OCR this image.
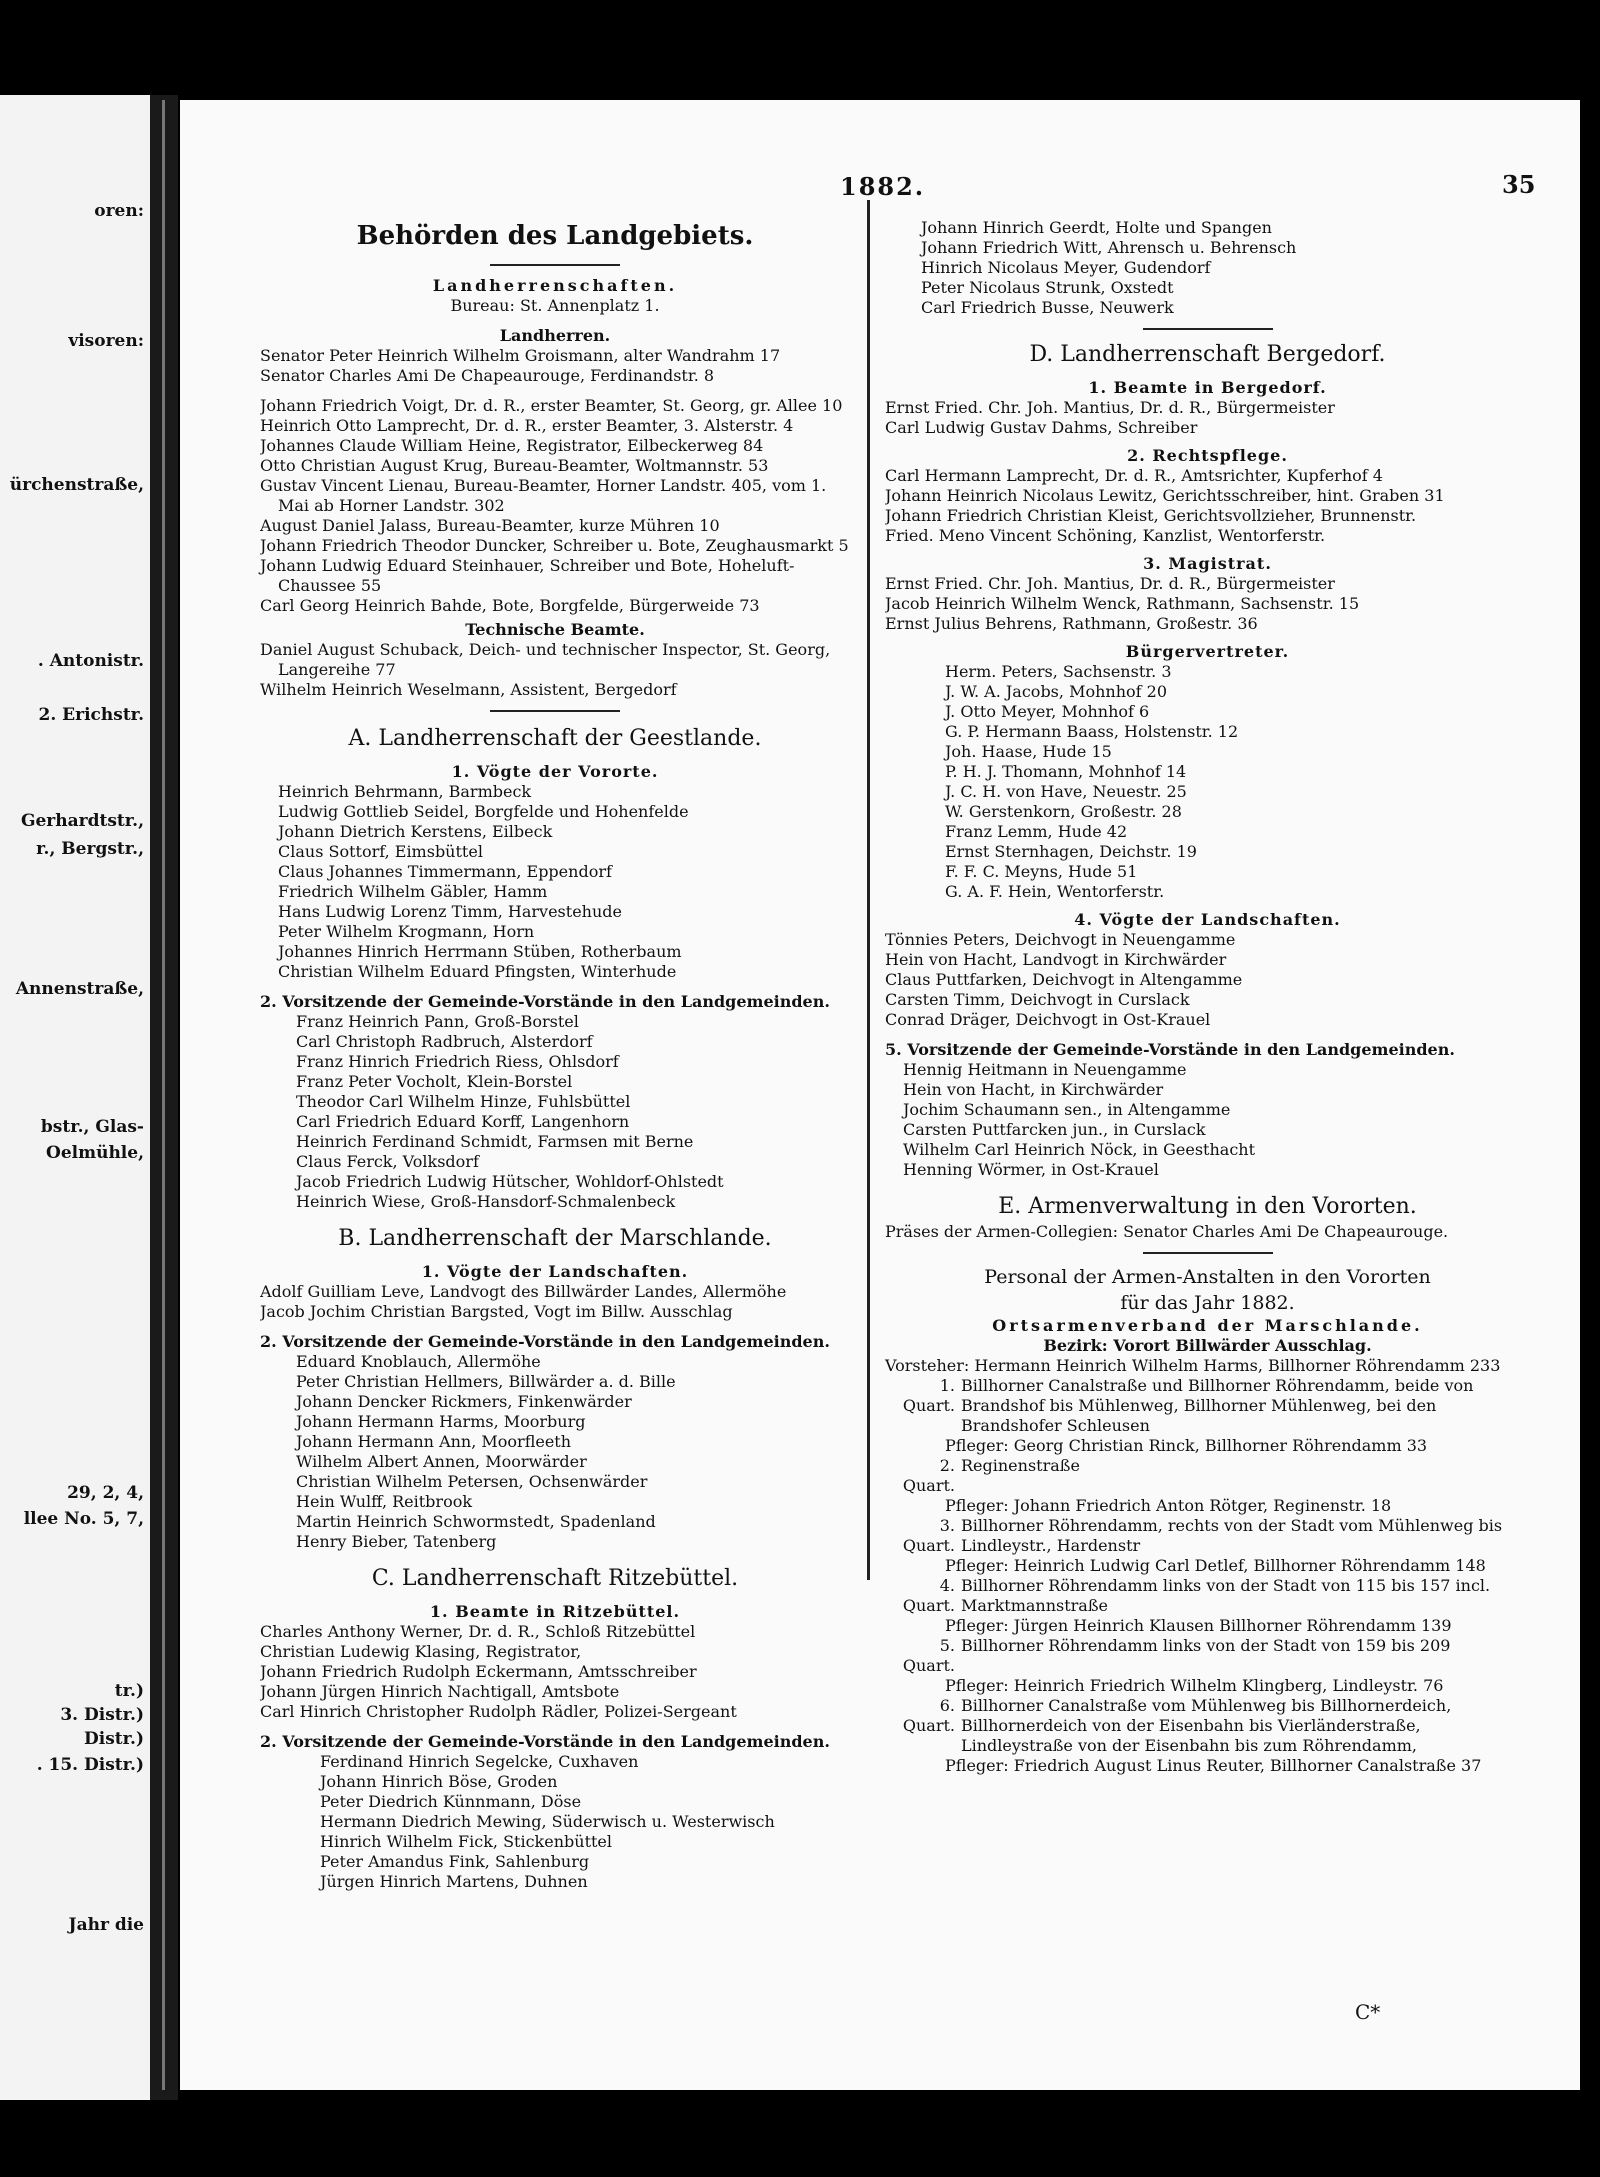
oren:
visoren:
ürchenstraße,
. Antonistr.
2. Erichstr.
Gerhardtstr.,
r., Bergstr.,
Annenstraße,
bstr., Glas-
Oelmühle,
29, 2, 4,
llee No. 5, 7,
tr.)
3. Distr.)
Distr.)
. 15. Distr.)
Jahr die
1882.	35
Behörden des Landgebiets.
Landherrenschaften.
Bureau: St. Annenplatz 1.
Landherren.
Senator Peter Heinrich Wilhelm Groismann, alter Wandrahm 17
Senator Charles Ami De Chapeaurouge, Ferdinandstr. 8
Johann Friedrich Voigt, Dr. d. R., erster Beamter, St. Georg, gr. Allee 10
Heinrich Otto Lamprecht, Dr. d. R., erster Beamter, 3. Alsterstr. 4
Johannes Claude William Heine, Registrator, Eilbeckerweg 84
Otto Christian August Krug, Bureau-Beamter, Woltmannstr. 53
Gustav Vincent Lienau, Bureau-Beamter, Horner Landstr. 405, vom 1. Mai ab Horner Landstr. 302
August Daniel Jalass, Bureau-Beamter, kurze Mühren 10
Johann Friedrich Theodor Duncker, Schreiber u. Bote, Zeughausmarkt 5
Johann Ludwig Eduard Steinhauer, Schreiber und Bote, Hoheluft-Chaussee 55
Carl Georg Heinrich Bahde, Bote, Borgfelde, Bürgerweide 73
Technische Beamte.
Daniel August Schuback, Deich- und technischer Inspector, St. Georg, Langereihe 77
Wilhelm Heinrich Weselmann, Assistent, Bergedorf
A. Landherrenschaft der Geestlande.
1. Vögte der Vororte.
Heinrich Behrmann, Barmbeck
Ludwig Gottlieb Seidel, Borgfelde und Hohenfelde
Johann Dietrich Kerstens, Eilbeck
Claus Sottorf, Eimsbüttel
Claus Johannes Timmermann, Eppendorf
Friedrich Wilhelm Gäbler, Hamm
Hans Ludwig Lorenz Timm, Harvestehude
Peter Wilhelm Krogmann, Horn
Johannes Hinrich Herrmann Stüben, Rotherbaum
Christian Wilhelm Eduard Pfingsten, Winterhude
2. Vorsitzende der Gemeinde-Vorstände in den Landgemeinden.
Franz Heinrich Pann, Groß-Borstel
Carl Christoph Radbruch, Alsterdorf
Franz Hinrich Friedrich Riess, Ohlsdorf
Franz Peter Vocholt, Klein-Borstel
Theodor Carl Wilhelm Hinze, Fuhlsbüttel
Carl Friedrich Eduard Korff, Langenhorn
Heinrich Ferdinand Schmidt, Farmsen mit Berne
Claus Ferck, Volksdorf
Jacob Friedrich Ludwig Hütscher, Wohldorf-Ohlstedt
Heinrich Wiese, Groß-Hansdorf-Schmalenbeck
B. Landherrenschaft der Marschlande.
1. Vögte der Landschaften.
Adolf Guilliam Leve, Landvogt des Billwärder Landes, Allermöhe
Jacob Jochim Christian Bargsted, Vogt im Billw. Ausschlag
2. Vorsitzende der Gemeinde-Vorstände in den Landgemeinden.
Eduard Knoblauch, Allermöhe
Peter Christian Hellmers, Billwärder a. d. Bille
Johann Dencker Rickmers, Finkenwärder
Johann Hermann Harms, Moorburg
Johann Hermann Ann, Moorfleeth
Wilhelm Albert Annen, Moorwärder
Christian Wilhelm Petersen, Ochsenwärder
Hein Wulff, Reitbrook
Martin Heinrich Schwormstedt, Spadenland
Henry Bieber, Tatenberg
C. Landherrenschaft Ritzebüttel.
1. Beamte in Ritzebüttel.
Charles Anthony Werner, Dr. d. R., Schloß Ritzebüttel
Christian Ludewig Klasing, Registrator,
Johann Friedrich Rudolph Eckermann, Amtsschreiber
Johann Jürgen Hinrich Nachtigall, Amtsbote
Carl Hinrich Christopher Rudolph Rädler, Polizei-Sergeant
2. Vorsitzende der Gemeinde-Vorstände in den Landgemeinden.
Ferdinand Hinrich Segelcke, Cuxhaven
Johann Hinrich Böse, Groden
Peter Diedrich Künnmann, Döse
Hermann Diedrich Mewing, Süderwisch u. Westerwisch
Hinrich Wilhelm Fick, Stickenbüttel
Peter Amandus Fink, Sahlenburg
Jürgen Hinrich Martens, Duhnen
Johann Hinrich Geerdt, Holte und Spangen
Johann Friedrich Witt, Ahrensch u. Behrensch
Hinrich Nicolaus Meyer, Gudendorf
Peter Nicolaus Strunk, Oxstedt
Carl Friedrich Busse, Neuwerk
D. Landherrenschaft Bergedorf.
1. Beamte in Bergedorf.
Ernst Fried. Chr. Joh. Mantius, Dr. d. R., Bürgermeister
Carl Ludwig Gustav Dahms, Schreiber
2. Rechtspflege.
Carl Hermann Lamprecht, Dr. d. R., Amtsrichter, Kupferhof 4
Johann Heinrich Nicolaus Lewitz, Gerichtsschreiber, hint. Graben 31
Johann Friedrich Christian Kleist, Gerichtsvollzieher, Brunnenstr.
Fried. Meno Vincent Schöning, Kanzlist, Wentorferstr.
3. Magistrat.
Ernst Fried. Chr. Joh. Mantius, Dr. d. R., Bürgermeister
Jacob Heinrich Wilhelm Wenck, Rathmann, Sachsenstr. 15
Ernst Julius Behrens, Rathmann, Großestr. 36
Bürgervertreter.
Herm. Peters, Sachsenstr. 3
J. W. A. Jacobs, Mohnhof 20
J. Otto Meyer, Mohnhof 6
G. P. Hermann Baass, Holstenstr. 12
Joh. Haase, Hude 15
P. H. J. Thomann, Mohnhof 14
J. C. H. von Have, Neuestr. 25
W. Gerstenkorn, Großestr. 28
Franz Lemm, Hude 42
Ernst Sternhagen, Deichstr. 19
F. F. C. Meyns, Hude 51
G. A. F. Hein, Wentorferstr.
4. Vögte der Landschaften.
Tönnies Peters, Deichvogt in Neuengamme
Hein von Hacht, Landvogt in Kirchwärder
Claus Puttfarken, Deichvogt in Altengamme
Carsten Timm, Deichvogt in Curslack
Conrad Dräger, Deichvogt in Ost-Krauel
5. Vorsitzende der Gemeinde-Vorstände in den Landgemeinden.
Hennig Heitmann in Neuengamme
Hein von Hacht, in Kirchwärder
Jochim Schaumann sen., in Altengamme
Carsten Puttfarcken jun., in Curslack
Wilhelm Carl Heinrich Nöck, in Geesthacht
Henning Wörmer, in Ost-Krauel
E. Armenverwaltung in den Vororten.
Präses der Armen-Collegien: Senator Charles Ami De Chapeaurouge.
Personal der Armen-Anstalten in den Vororten
für das Jahr 1882.
Ortsarmenverband der Marschlande.
Bezirk: Vorort Billwärder Ausschlag.
Vorsteher: Hermann Heinrich Wilhelm Harms, Billhorner Röhrendamm 233
1. Quart.
Billhorner Canalstraße und Billhorner Röhrendamm, beide von Brandshof bis Mühlenweg, Billhorner Mühlenweg, bei den Brandshofer Schleusen
Pfleger: Georg Christian Rinck, Billhorner Röhrendamm 33
2. Quart.
Reginenstraße
Pfleger: Johann Friedrich Anton Rötger, Reginenstr. 18
3. Quart.
Billhorner Röhrendamm, rechts von der Stadt vom Mühlenweg bis Lindleystr., Hardenstr
Pfleger: Heinrich Ludwig Carl Detlef, Billhorner Röhrendamm 148
4. Quart.
Billhorner Röhrendamm links von der Stadt von 115 bis 157 incl. Marktmannstraße
Pfleger: Jürgen Heinrich Klausen Billhorner Röhrendamm 139
5. Quart.
Billhorner Röhrendamm links von der Stadt von 159 bis 209
Pfleger: Heinrich Friedrich Wilhelm Klingberg, Lindleystr. 76
6. Quart.
Billhorner Canalstraße vom Mühlenweg bis Billhornerdeich, Billhornerdeich von der Eisenbahn bis Vierländerstraße, Lindleystraße von der Eisenbahn bis zum Röhrendamm,
Pfleger: Friedrich August Linus Reuter, Billhorner Canalstraße 37
C*
